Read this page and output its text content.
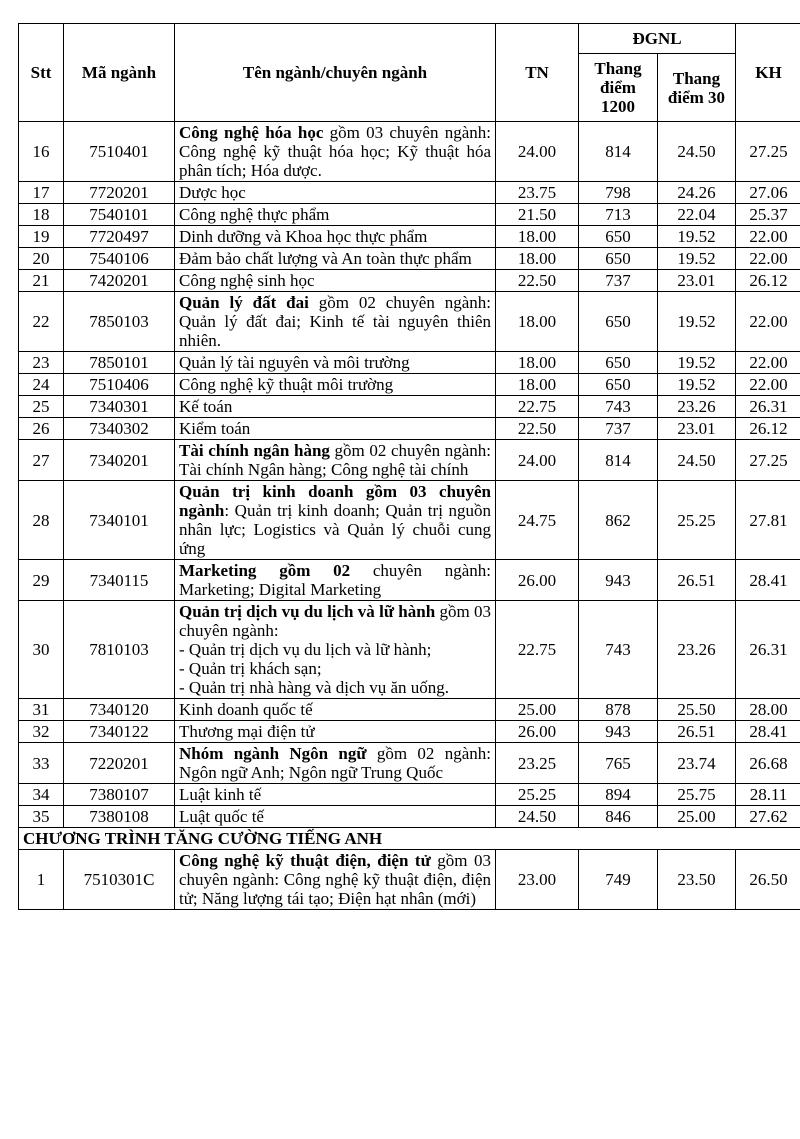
Stt	Mã ngành	Tên ngành/chuyên ngành	TN	ĐGNL		KH
				Thang điểm 1200	Thang điểm 30	
16	7510401	Công nghệ hóa học gồm 03 chuyên ngành: Công nghệ kỹ thuật hóa học; Kỹ thuật hóa phân tích; Hóa dược.	24.00	814	24.50	27.25
17	7720201	Dược học	23.75	798	24.26	27.06
18	7540101	Công nghệ thực phẩm	21.50	713	22.04	25.37
19	7720497	Dinh dưỡng và Khoa học thực phẩm	18.00	650	19.52	22.00
20	7540106	Đảm bảo chất lượng và An toàn thực phẩm	18.00	650	19.52	22.00
21	7420201	Công nghệ sinh học	22.50	737	23.01	26.12
22	7850103	Quản lý đất đai gồm 02 chuyên ngành: Quản lý đất đai; Kinh tế tài nguyên thiên nhiên.	18.00	650	19.52	22.00
23	7850101	Quản lý tài nguyên và môi trường	18.00	650	19.52	22.00
24	7510406	Công nghệ kỹ thuật môi trường	18.00	650	19.52	22.00
25	7340301	Kế toán	22.75	743	23.26	26.31
26	7340302	Kiểm toán	22.50	737	23.01	26.12
27	7340201	Tài chính ngân hàng gồm 02 chuyên ngành: Tài chính Ngân hàng; Công nghệ tài chính	24.00	814	24.50	27.25
28	7340101	Quản trị kinh doanh gồm 03 chuyên ngành: Quản trị kinh doanh; Quản trị nguồn nhân lực; Logistics và Quản lý chuỗi cung ứng	24.75	862	25.25	27.81
29	7340115	Marketing gồm 02 chuyên ngành: Marketing; Digital Marketing	26.00	943	26.51	28.41
30	7810103	Quản trị dịch vụ du lịch và lữ hành gồm 03 chuyên ngành:
- Quản trị dịch vụ du lịch và lữ hành;
- Quản trị khách sạn;
- Quản trị nhà hàng và dịch vụ ăn uống.	22.75	743	23.26	26.31
31	7340120	Kinh doanh quốc tế	25.00	878	25.50	28.00
32	7340122	Thương mại điện tử	26.00	943	26.51	28.41
33	7220201	Nhóm ngành Ngôn ngữ gồm 02 ngành: Ngôn ngữ Anh; Ngôn ngữ Trung Quốc	23.25	765	23.74	26.68
34	7380107	Luật kinh tế	25.25	894	25.75	28.11
35	7380108	Luật quốc tế	24.50	846	25.00	27.62
CHƯƠNG TRÌNH TĂNG CƯỜNG TIẾNG ANH						
1	7510301C	Công nghệ kỹ thuật điện, điện tử gồm 03 chuyên ngành: Công nghệ kỹ thuật điện, điện tử; Năng lượng tái tạo; Điện hạt nhân (mới)	23.00	749	23.50	26.50
